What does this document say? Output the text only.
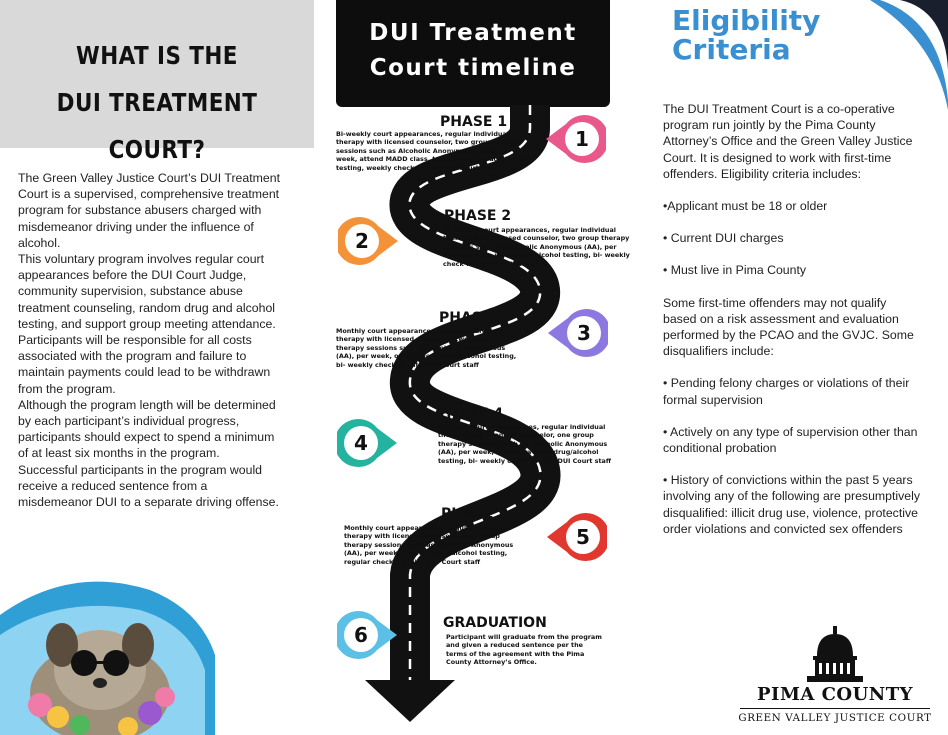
WHAT IS THE
DUI TREATMENT COURT?

The Green Valley Justice Court’s DUI Treatment Court is a supervised, comprehensive treatment program for substance abusers charged with misdemeanor driving under the influence of alcohol.

This voluntary program involves regular court appearances before the DUI Court Judge, community supervision, substance abuse treatment counseling, random drug and alcohol testing, and support group meeting attendance.

Participants will be responsible for all costs associated with the program and failure to maintain payments could lead to be withdrawn from the program.

Although the program length will be determined by each participant’s individual progress, participants should expect to spend a minimum of at least six months in the program.

Successful participants in the program would receive a reduced sentence from a misdemeanor DUI to a separate driving offense.

DUI Treatment
Court timeline
PHASE 1
Bi-weekly court appearances, regular individual therapy with licensed counselor, two group therapy sessions such as Alcoholic Anonymous (AA), per week, attend MADD class, twice a week drug/alcohol testing, weekly check-in with DUI Court staff
1
PHASE 2
Bi-weekly court appearances, regular individual therapy with licensed counselor, two group therapy sessions such as Alcoholic Anonymous (AA), per week, twice a week drug/alcohol testing, bi- weekly check-in with DUI Court staff
2
PHASE 3
Monthly court appearances, regular individual therapy with licensed counselor, two group therapy sessions such as Alcoholic Anonymous (AA), per week, once a week drug/alcohol testing, bi- weekly check-in with DUI Court staff
3
PHASE 4
Monthly court appearances, regular individual therapy with licensed counselor, one group therapy sessions such as Alcoholic Anonymous (AA), per week, random weekly drug/alcohol testing, bi- weekly check-in with DUI Court staff
4
PHASE 5
Monthly court appearances, regular individual therapy with licensed counselor, one group therapy sessions such as Alcoholic Anonymous (AA), per week, random drug/alcohol testing, regular check-ins with DUI Court staff
5
GRADUATION
Participant will graduate from the program and given a reduced sentence per the terms of the agreement with the Pima County Attorney’s Office.
6
Eligibility
Criteria

The DUI Treatment Court is a co-operative program run jointly by the Pima County Attorney’s Office and the Green Valley Justice Court. It is designed to work with first-time offenders. Eligibility criteria includes:

•Applicant must be 18 or older

• Current DUI charges

• Must live in Pima County

Some first-time offenders may not qualify based on a risk assessment and evaluation performed by the PCAO and the GVJC. Some disqualifiers include:

• Pending felony charges or violations of their formal supervision

• Actively on any type of supervision other than conditional probation

• History of convictions within the past 5 years involving any of the following are presumptively disqualified: illicit drug use, violence, protective order violations and convicted sex offenders

PIMA COUNTY
GREEN VALLEY JUSTICE COURT
